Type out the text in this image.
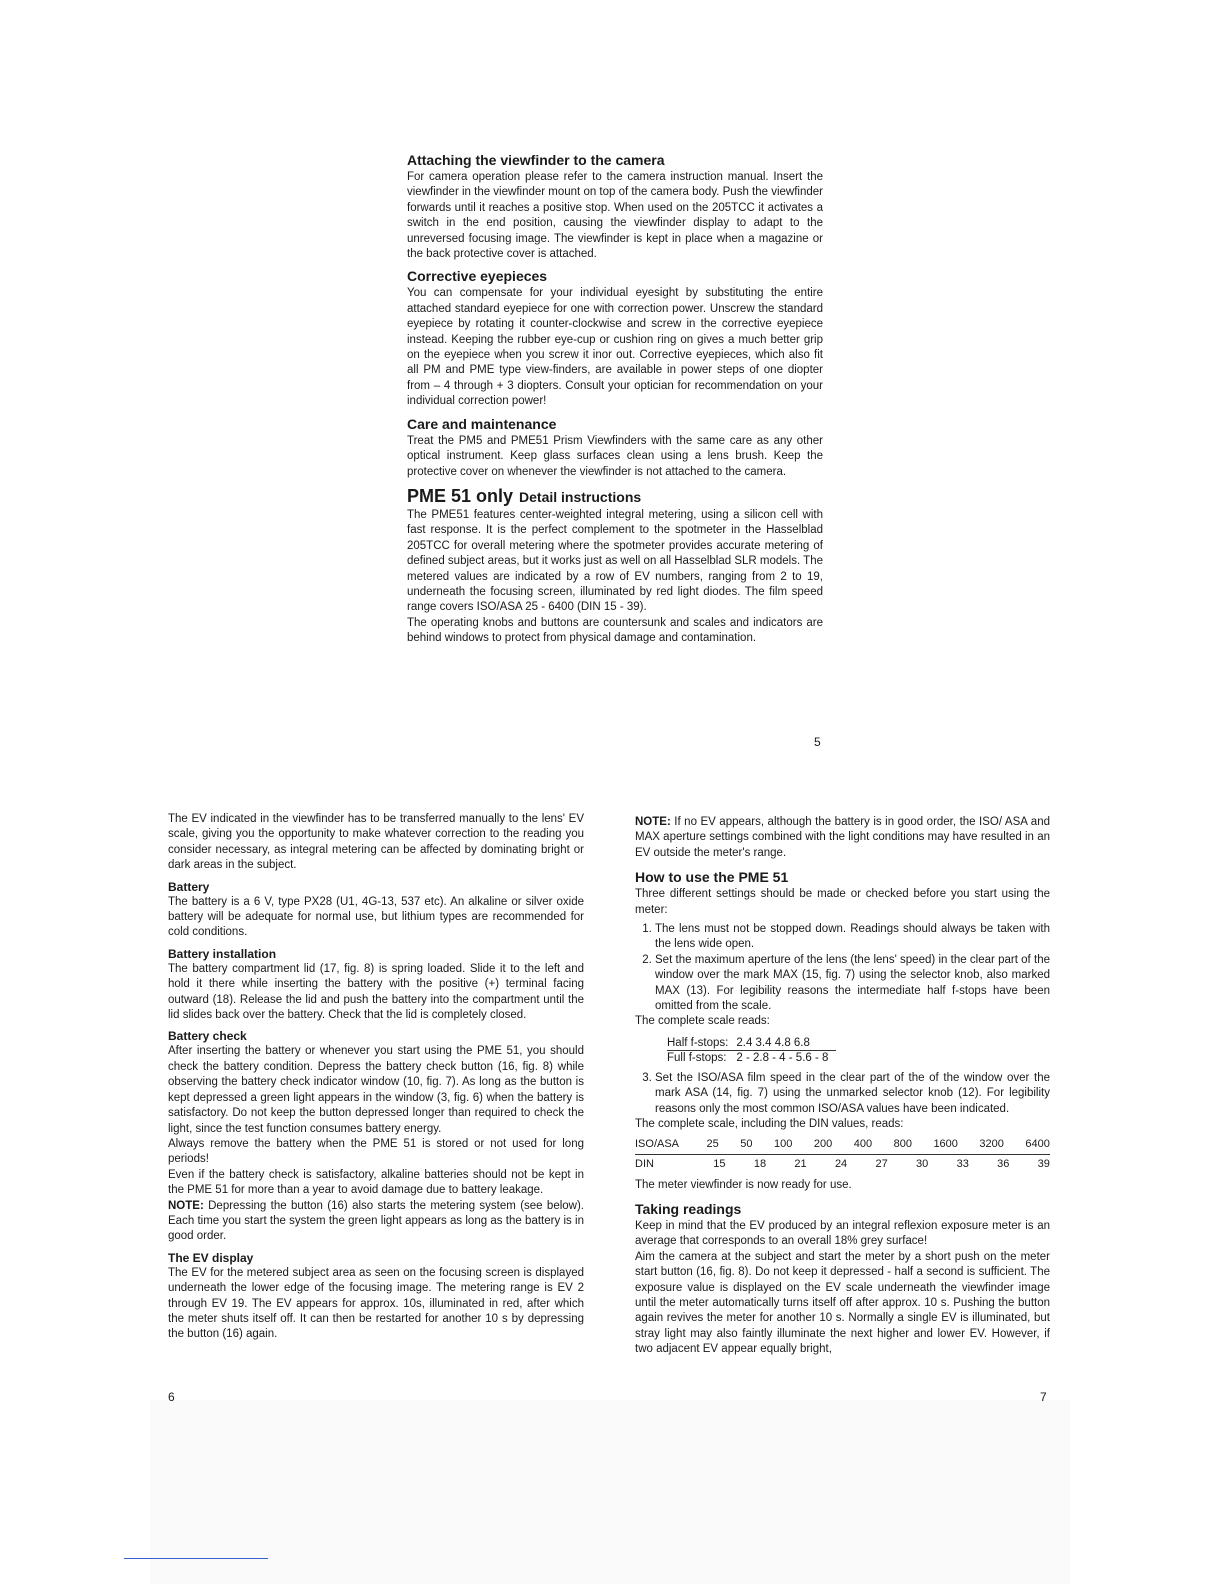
Attaching the viewfinder to the camera

For camera operation please refer to the camera instruction manual. Insert the viewfinder in the viewfinder mount on top of the camera body. Push the viewfinder forwards until it reaches a positive stop. When used on the 205TCC it activates a switch in the end position, causing the viewfinder display to adapt to the unreversed focusing image. The viewfinder is kept in place when a magazine or the back protective cover is attached.

Corrective eyepieces

You can compensate for your individual eyesight by substituting the entire attached standard eyepiece for one with correction power. Unscrew the standard eyepiece by rotating it counter-clockwise and screw in the corrective eyepiece instead. Keeping the rubber eye-cup or cushion ring on gives a much better grip on the eyepiece when you screw it inor out. Corrective eyepieces, which also fit all PM and PME type view-finders, are available in power steps of one diopter from – 4 through + 3 diopters. Consult your optician for recommendation on your individual correction power!

Care and maintenance

Treat the PM5 and PME51 Prism Viewfinders with the same care as any other optical instrument. Keep glass surfaces clean using a lens brush. Keep the protective cover on whenever the viewfinder is not attached to the camera.

PME 51 only Detail instructions

The PME51 features center-weighted integral metering, using a silicon cell with fast response. It is the perfect complement to the spotmeter in the Hasselblad 205TCC for overall metering where the spotmeter provides accurate metering of defined subject areas, but it works just as well on all Hasselblad SLR models. The metered values are indicated by a row of EV numbers, ranging from 2 to 19, underneath the focusing screen, illuminated by red light diodes. The film speed range covers ISO/ASA 25 - 6400 (DIN 15 - 39).

The operating knobs and buttons are countersunk and scales and indicators are behind windows to protect from physical damage and contamination.

5

The EV indicated in the viewfinder has to be transferred manually to the lens' EV scale, giving you the opportunity to make whatever correction to the reading you consider necessary, as integral metering can be affected by dominating bright or dark areas in the subject.

Battery

The battery is a 6 V, type PX28 (U1, 4G-13, 537 etc). An alkaline or silver oxide battery will be adequate for normal use, but lithium types are recommended for cold conditions.

Battery installation

The battery compartment lid (17, fig. 8) is spring loaded. Slide it to the left and hold it there while inserting the battery with the positive (+) terminal facing outward (18). Release the lid and push the battery into the compartment until the lid slides back over the battery. Check that the lid is completely closed.

Battery check

After inserting the battery or whenever you start using the PME 51, you should check the battery condition. Depress the battery check button (16, fig. 8) while observing the battery check indicator window (10, fig. 7). As long as the button is kept depressed a green light appears in the window (3, fig. 6) when the battery is satisfactory. Do not keep the button depressed longer than required to check the light, since the test function consumes battery energy.

Always remove the battery when the PME 51 is stored or not used for long periods!

Even if the battery check is satisfactory, alkaline batteries should not be kept in the PME 51 for more than a year to avoid damage due to battery leakage.

NOTE: Depressing the button (16) also starts the metering system (see below). Each time you start the system the green light appears as long as the battery is in good order.

The EV display

The EV for the metered subject area as seen on the focusing screen is displayed underneath the lower edge of the focusing image. The metering range is EV 2 through EV 19. The EV appears for approx. 10s, illuminated in red, after which the meter shuts itself off. It can then be restarted for another 10 s by depressing the button (16) again.

6

NOTE: If no EV appears, although the battery is in good order, the ISO/ ASA and MAX aperture settings combined with the light conditions may have resulted in an EV outside the meter's range.

How to use the PME 51

Three different settings should be made or checked before you start using the meter:

1. The lens must not be stopped down. Readings should always be taken with the lens wide open.
2. Set the maximum aperture of the lens (the lens' speed) in the clear part of the window over the mark MAX (15, fig. 7) using the selector knob, also marked MAX (13). For legibility reasons the intermediate half f-stops have been omitted from the scale.

The complete scale reads:

Half f-stops:	2.4 3.4 4.8 6.8
Full f-stops:	2 - 2.8 - 4 - 5.6 - 8
3. Set the ISO/ASA film speed in the clear part of the of the window over the mark ASA (14, fig. 7) using the unmarked selector knob (12). For legibility reasons only the most common ISO/ASA values have been indicated.

The complete scale, including the DIN values, reads:

ISO/ASA	25 50 100 200 400 800 1600 3200 6400
DIN	15	18	21	24	27	30	33	36	39

The meter viewfinder is now ready for use.

Taking readings

Keep in mind that the EV produced by an integral reflexion exposure meter is an average that corresponds to an overall 18% grey surface!

Aim the camera at the subject and start the meter by a short push on the meter start button (16, fig. 8). Do not keep it depressed - half a second is sufficient. The exposure value is displayed on the EV scale underneath the viewfinder image until the meter automatically turns itself off after approx. 10 s. Pushing the button again revives the meter for another 10 s. Normally a single EV is illuminated, but stray light may also faintly illuminate the next higher and lower EV. However, if two adjacent EV appear equally bright,

7
